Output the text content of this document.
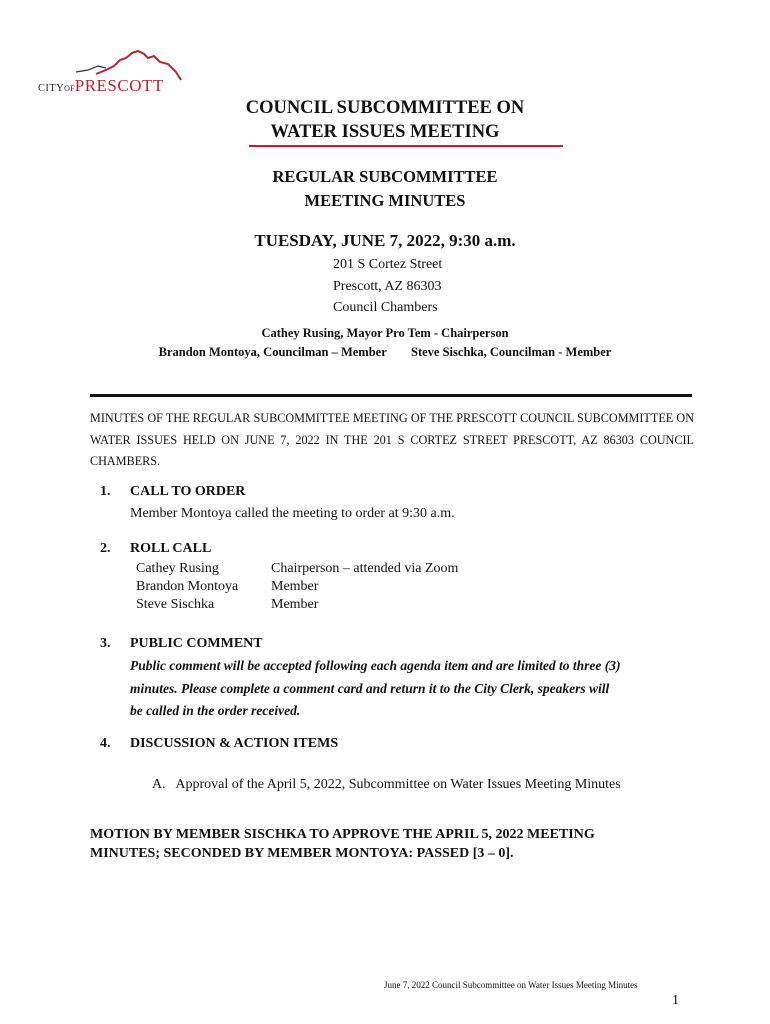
CITYOFPRESCOTT
COUNCIL SUBCOMMITTEE ON
WATER ISSUES MEETING
REGULAR SUBCOMMITTEE
MEETING MINUTES
TUESDAY, JUNE 7, 2022, 9:30 a.m.
201 S Cortez Street
Prescott, AZ 86303
Council Chambers
Cathey Rusing, Mayor Pro Tem - Chairperson
Brandon Montoya, Councilman – Member Steve Sischka, Councilman - Member
MINUTES OF THE REGULAR SUBCOMMITTEE MEETING OF THE PRESCOTT COUNCIL SUBCOMMITTEE ON WATER ISSUES HELD ON JUNE 7, 2022 IN THE 201 S CORTEZ STREET PRESCOTT, AZ 86303 COUNCIL CHAMBERS.
1. CALL TO ORDER
Member Montoya called the meeting to order at 9:30 a.m.
2. ROLL CALL
Cathey Rusing	Chairperson – attended via Zoom
Brandon Montoya	Member
Steve Sischka	Member
3. PUBLIC COMMENT
Public comment will be accepted following each agenda item and are limited to three (3)
minutes. Please complete a comment card and return it to the City Clerk, speakers will
be called in the order received.
4. DISCUSSION & ACTION ITEMS
A.  Approval of the April 5, 2022, Subcommittee on Water Issues Meeting Minutes
MOTION BY MEMBER SISCHKA TO APPROVE THE APRIL 5, 2022 MEETING
MINUTES; SECONDED BY MEMBER MONTOYA: PASSED [3 – 0].
June 7, 2022 Council Subcommittee on Water Issues Meeting Minutes
1
